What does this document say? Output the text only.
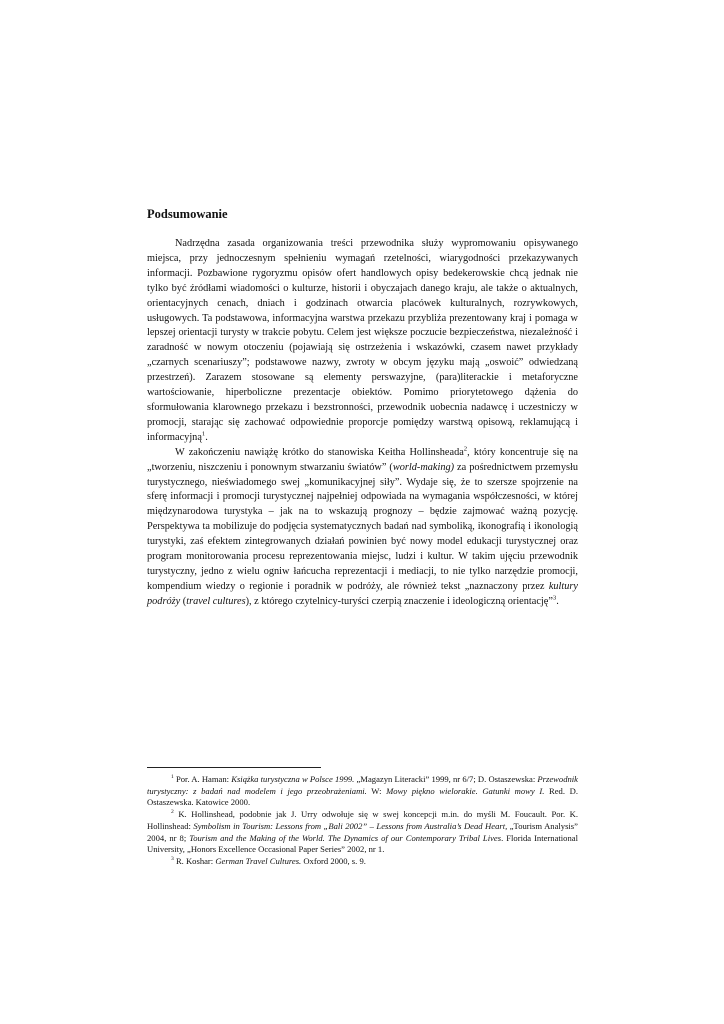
Podsumowanie

Nadrzędna zasada organizowania treści przewodnika służy wypromowaniu opisywanego miejsca, przy jednoczesnym spełnieniu wymagań rzetelności, wiarygodności przekazywanych informacji. Pozbawione rygoryzmu opisów ofert handlowych opisy bedekerowskie chcą jednak nie tylko być źródłami wiadomości o kulturze, historii i obyczajach danego kraju, ale także o aktualnych, orientacyjnych cenach, dniach i godzinach otwarcia placówek kulturalnych, rozrywkowych, usługowych. Ta podstawowa, informacyjna warstwa przekazu przybliża prezentowany kraj i pomaga w lepszej orientacji turysty w trakcie pobytu. Celem jest większe poczucie bezpieczeństwa, niezależność i zaradność w nowym otoczeniu (pojawiają się ostrzeżenia i wskazówki, czasem nawet przykłady „czarnych scenariuszy”; podstawowe nazwy, zwroty w obcym języku mają „oswoić” odwiedzaną przestrzeń). Zarazem stosowane są elementy perswazyjne, (para)literackie i metaforyczne wartościowanie, hiperboliczne prezentacje obiektów. Pomimo priorytetowego dążenia do sformułowania klarownego przekazu i bezstronności, przewodnik uobecnia nadawcę i uczestniczy w promocji, starając się zachować odpowiednie proporcje pomiędzy warstwą opisową, reklamującą i informacyjną$^1$.

W zakończeniu nawiążę krótko do stanowiska Keitha Hollinsheada$^2$, który koncentruje się na „tworzeniu, niszczeniu i ponownym stwarzaniu światów” (world-making) za pośrednictwem przemysłu turystycznego, nieświadomego swej „komunikacyjnej siły”. Wydaje się, że to szersze spojrzenie na sferę informacji i promocji turystycznej najpełniej odpowiada na wymagania współczesności, w której międzynarodowa turystyka – jak na to wskazują prognozy – będzie zajmować ważną pozycję. Perspektywa ta mobilizuje do podjęcia systematycznych badań nad symboliką, ikonografią i ikonologią turystyki, zaś efektem zintegrowanych działań powinien być nowy model edukacji turystycznej oraz program monitorowania procesu reprezentowania miejsc, ludzi i kultur. W takim ujęciu przewodnik turystyczny, jedno z wielu ogniw łańcucha reprezentacji i mediacji, to nie tylko narzędzie promocji, kompendium wiedzy o regionie i poradnik w podróży, ale również tekst „naznaczony przez kultury podróży (travel cultures), z którego czytelnicy-turyści czerpią znaczenie i ideologiczną orientację”$^3$.

$^1$ Por. A. Haman: Książka turystyczna w Polsce 1999. „Magazyn Literacki” 1999, nr 6/7; D. Ostaszewska: Przewodnik turystyczny: z badań nad modelem i jego przeobrażeniami. W: Mowy piękno wielorakie. Gatunki mowy I. Red. D. Ostaszewska. Katowice 2000.

$^2$ K. Hollinshead, podobnie jak J. Urry odwołuje się w swej koncepcji m.in. do myśli M. Foucault. Por. K. Hollinshead: Symbolism in Tourism: Lessons from „Bali 2002” – Lessons from Australia’s Dead Heart, „Tourism Analysis” 2004, nr 8; Tourism and the Making of the World. The Dynamics of our Contemporary Tribal Lives. Florida International University, „Honors Excellence Occasional Paper Series” 2002, nr 1.

$^3$ R. Koshar: German Travel Cultures. Oxford 2000, s. 9.
